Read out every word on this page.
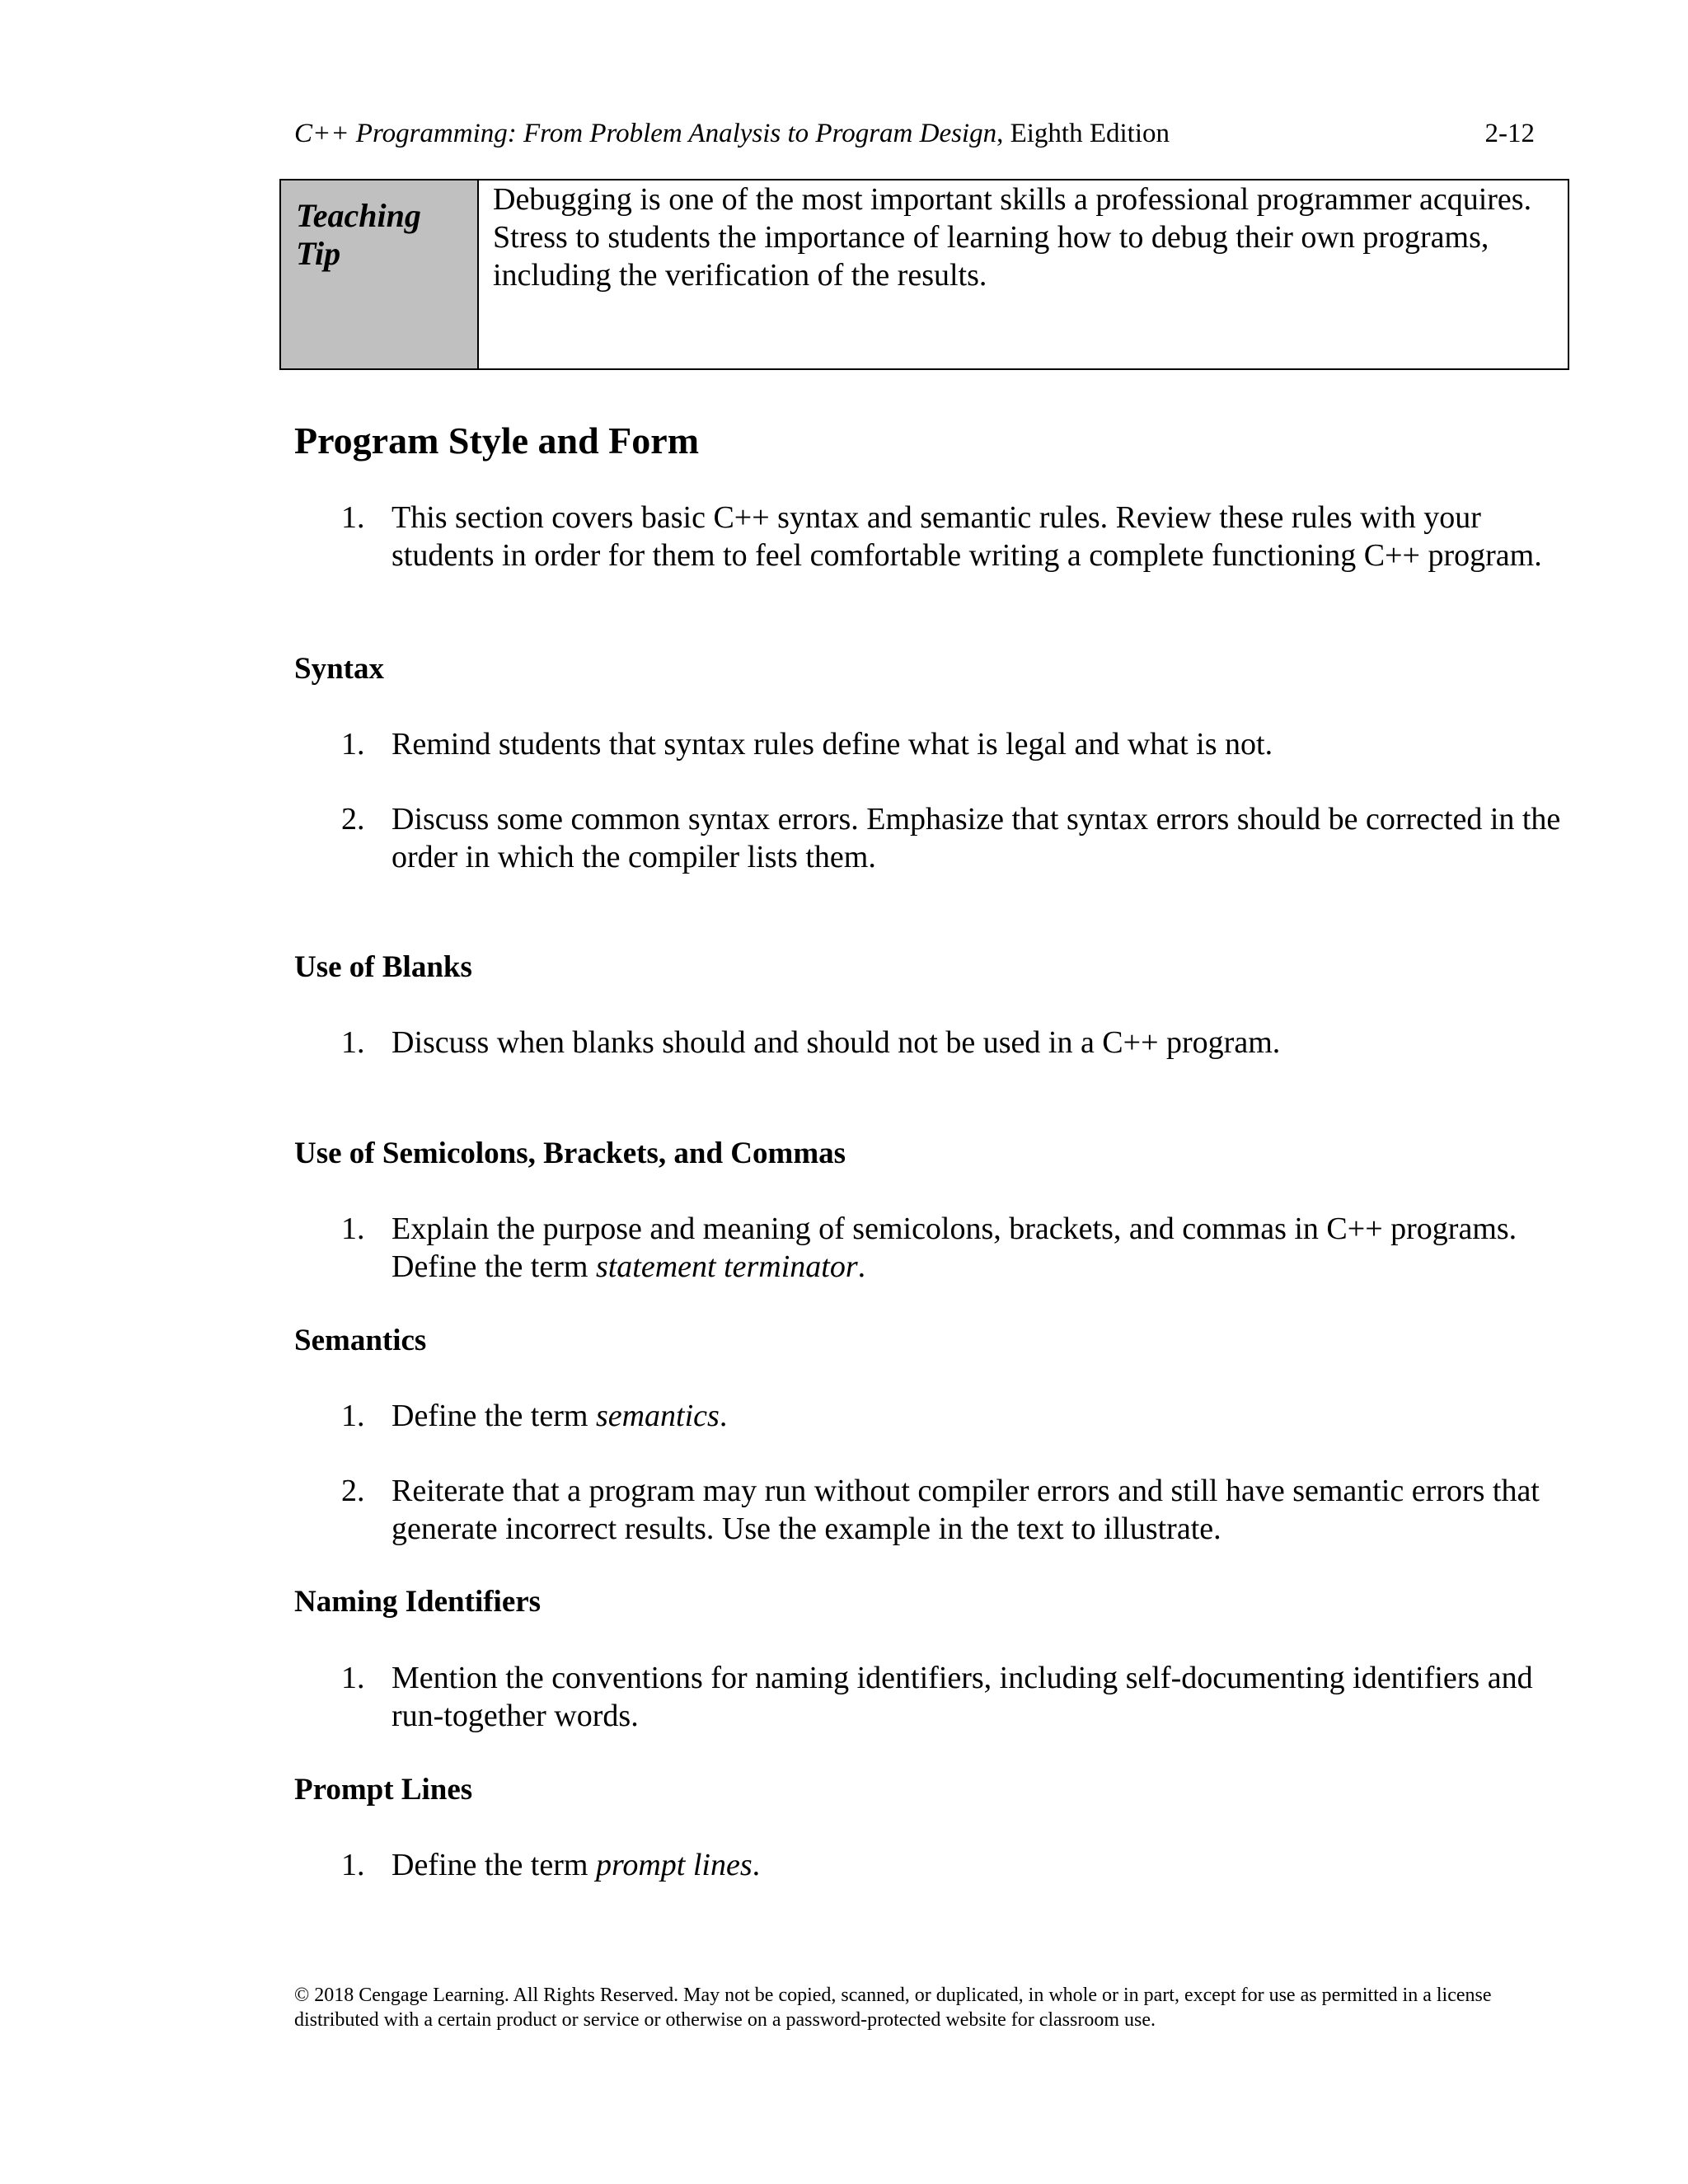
C++ Programming: From Problem Analysis to Program Design, Eighth Edition	2-12
Teaching
Tip
Debugging is one of the most important skills a professional programmer acquires. Stress to students the importance of learning how to debug their own programs, including the verification of the results.
Program Style and Form
1. This section covers basic C++ syntax and semantic rules. Review these rules with your students in order for them to feel comfortable writing a complete functioning C++ program.
Syntax
1. Remind students that syntax rules define what is legal and what is not.
2. Discuss some common syntax errors. Emphasize that syntax errors should be corrected in the order in which the compiler lists them.
Use of Blanks
1. Discuss when blanks should and should not be used in a C++ program.
Use of Semicolons, Brackets, and Commas
1. Explain the purpose and meaning of semicolons, brackets, and commas in C++ programs. Define the term statement terminator.
Semantics
1. Define the term semantics.
2. Reiterate that a program may run without compiler errors and still have semantic errors that generate incorrect results. Use the example in the text to illustrate.
Naming Identifiers
1. Mention the conventions for naming identifiers, including self-documenting identifiers and run-together words.
Prompt Lines
1. Define the term prompt lines.
© 2018 Cengage Learning. All Rights Reserved. May not be copied, scanned, or duplicated, in whole or in part, except for use as permitted in a license distributed with a certain product or service or otherwise on a password-protected website for classroom use.
